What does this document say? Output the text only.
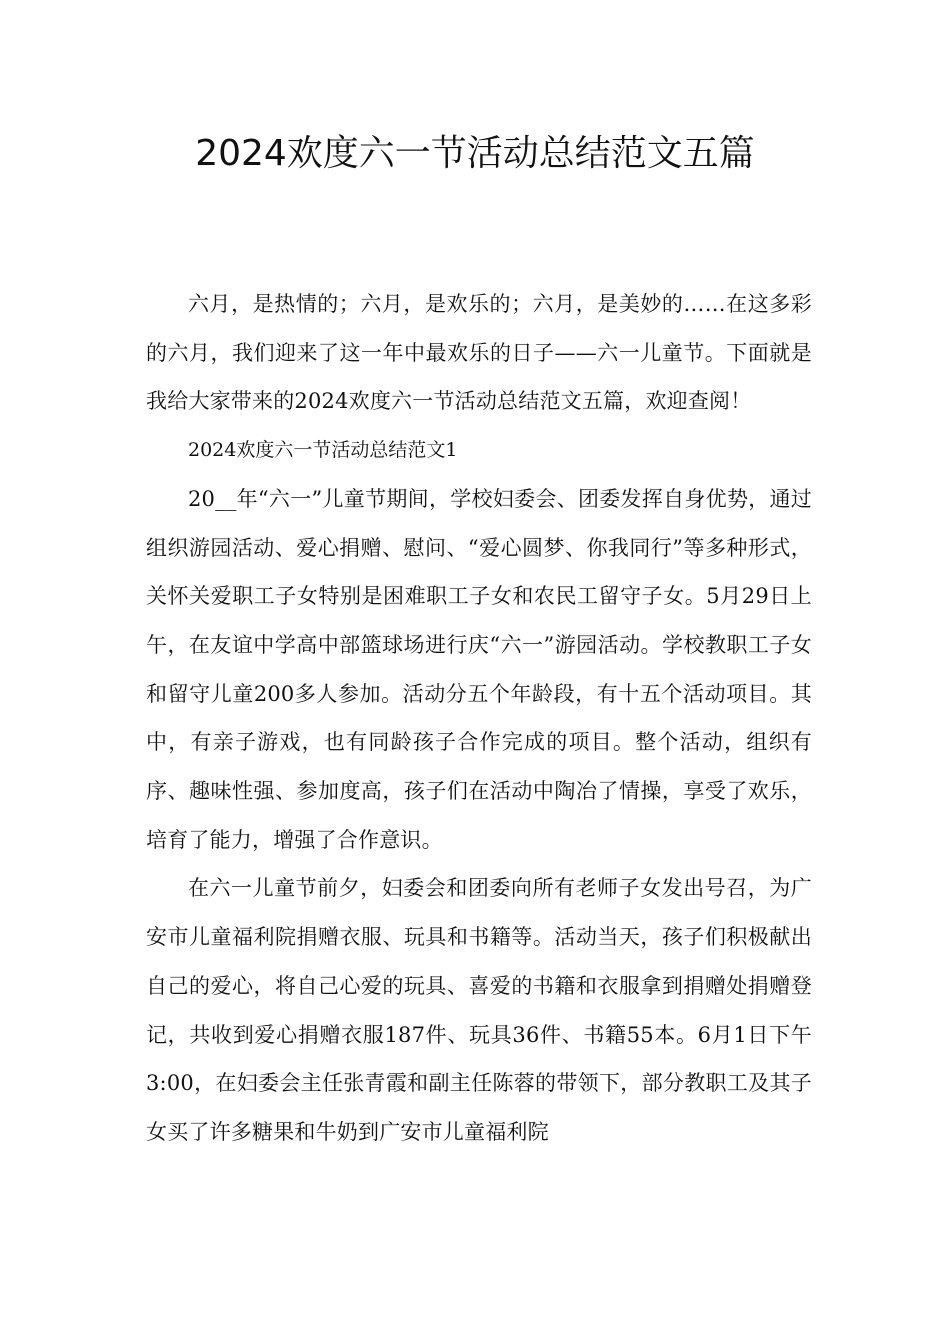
2024欢度六一节活动总结范文五篇

六月，是热情的；六月，是欢乐的；六月，是美妙的……在这多彩的六月，我们迎来了这一年中最欢乐的日子——六一儿童节。下面就是我给大家带来的2024欢度六一节活动总结范文五篇，欢迎查阅！

2024欢度六一节活动总结范文1

20__年“六一”儿童节期间，学校妇委会、团委发挥自身优势，通过组织游园活动、爱心捐赠、慰问、“爱心圆梦、你我同行”等多种形式，关怀关爱职工子女特别是困难职工子女和农民工留守子女。5月29日上午，在友谊中学高中部篮球场进行庆“六一”游园活动。学校教职工子女和留守儿童200多人参加。活动分五个年龄段，有十五个活动项目。其中，有亲子游戏，也有同龄孩子合作完成的项目。整个活动，组织有序、趣味性强、参加度高，孩子们在活动中陶冶了情操，享受了欢乐，培育了能力，增强了合作意识。

在六一儿童节前夕，妇委会和团委向所有老师子女发出号召，为广安市儿童福利院捐赠衣服、玩具和书籍等。活动当天，孩子们积极献出自己的爱心，将自己心爱的玩具、喜爱的书籍和衣服拿到捐赠处捐赠登记，共收到爱心捐赠衣服187件、玩具36件、书籍55本。6月1日下午3:00，在妇委会主任张青霞和副主任陈蓉的带领下，部分教职工及其子女买了许多糖果和牛奶到广安市儿童福利院
